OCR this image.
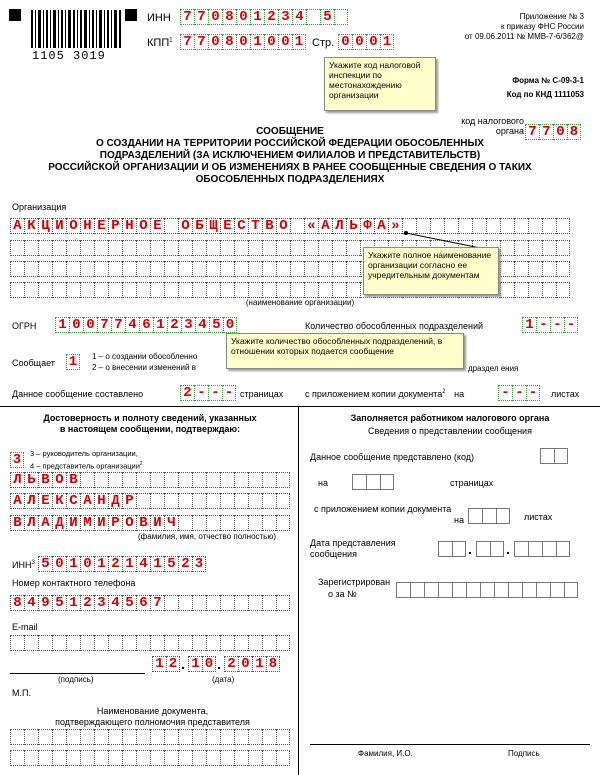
1105 3019
ИНН 7 7 0 8 0 1 2 3 4 5
КПП$^1$ 7 7 0 8 0 1 0 0 1 Стр. 0 0 0 1
Приложение № 3
к приказу ФНС России
от 09.06.2011 № ММВ-7-6/362@
Укажите код налоговой инспекции по местонахождению организации
Форма № С-09-3-1
Код по КНД 1111053
код налогового
органа 7 7 0 8
СООБЩЕНИЕ
О СОЗДАНИИ НА ТЕРРИТОРИИ РОССИЙСКОЙ ФЕДЕРАЦИИ ОБОСОБЛЕННЫХ
ПОДРАЗДЕЛЕНИЙ (ЗА ИСКЛЮЧЕНИЕМ ФИЛИАЛОВ И ПРЕДСТАВИТЕЛЬСТВ)
РОССИЙСКОЙ ОРГАНИЗАЦИИ И ОБ ИЗМЕНЕНИЯХ В РАНЕЕ СООБЩЕННЫЕ СВЕДЕНИЯ О ТАКИХ
ОБОСОБЛЕННЫХ ПОДРАЗДЕЛЕНИЯХ
Организация
А К Ц И О Н Е Р Н О Е О Б Щ Е С Т В О « А Л Ь Ф А »
(наименование организации)
Укажите полное наименование организации согласно ее учредительным документам
ОГРН 1 0 0 7 7 4 6 1 2 3 4 5 0	Количество обособленных подразделений	1 - - -
Укажите количество обособленных подразделений, в отношении которых подается сообщение
Сообщает 1	1 – о создании обособленно
2 – о внесении изменений в	драздел ения
Данное сообщение составлено	2 - - - страницах с приложением копии документа$^2$ на	- - -	листах
Достоверность и полноту сведений, указанных
в настоящем сообщении, подтверждаю:
3	3 – руководитель организации,
4 – представитель организации$^2$
Л Ь В О В
А Л Е К С А Н Д Р
В Л А Д И М И Р О В И Ч
(фамилия, имя, отчество полностью)
ИНН$^3$ 5 0 1 0 1 2 1 4 1 5 2 3
Номер контактного телефона
8 4 9 5 1 2 3 4 5 6 7
E-mail
1 2 . 1 0 . 2 0 1 8
(подпись)	(дата)
М.П.
Наименование документа,
подтверждающего полномочия представителя
Заполняется работником налогового органа
Сведения о представлении сообщения
Данное сообщение представлено (код)
на	страницах
с приложением копии документа
на	листах
Дата представления
сообщения	. .
Зарегистрирован
о за №
Фамилия, И.О.	Подпись
